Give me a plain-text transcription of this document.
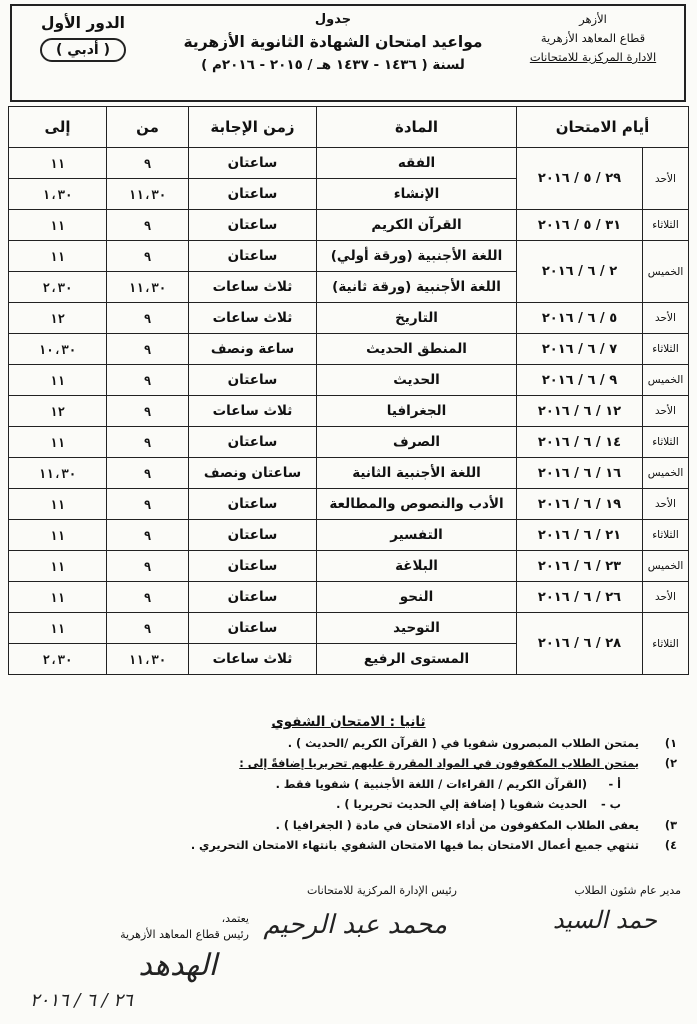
الأزهر
قطاع المعاهد الأزهرية
الادارة المركزية للامتحانات
جدول
مواعيد امتحان الشهادة الثانوية الأزهرية
لسنة ( ١٤٣٦ - ١٤٣٧ هـ / ٢٠١٥ - ٢٠١٦م )
الدور الأول
( أدبي )
أيام الامتحان		المادة	زمن الإجابة	من	إلى
الأحد	٢٩ / ٥ / ٢٠١٦	الفقه	ساعتان	٩	١١
		الإنشاء	ساعتان	١١،٣٠	١،٣٠
الثلاثاء	٣١ / ٥ / ٢٠١٦	القرآن الكريم	ساعتان	٩	١١
الخميس	٢ / ٦ / ٢٠١٦	اللغة الأجنبية (ورقة أولي)	ساعتان	٩	١١
		اللغة الأجنبية (ورقة ثانية)	ثلاث ساعات	١١،٣٠	٢،٣٠
الأحد	٥ / ٦ / ٢٠١٦	التاريخ	ثلاث ساعات	٩	١٢
الثلاثاء	٧ / ٦ / ٢٠١٦	المنطق الحديث	ساعة ونصف	٩	١٠،٣٠
الخميس	٩ / ٦ / ٢٠١٦	الحديث	ساعتان	٩	١١
الأحد	١٢ / ٦ / ٢٠١٦	الجغرافيا	ثلاث ساعات	٩	١٢
الثلاثاء	١٤ / ٦ / ٢٠١٦	الصرف	ساعتان	٩	١١
الخميس	١٦ / ٦ / ٢٠١٦	اللغة الأجنبية الثانية	ساعتان ونصف	٩	١١،٣٠
الأحد	١٩ / ٦ / ٢٠١٦	الأدب والنصوص والمطالعة	ساعتان	٩	١١
الثلاثاء	٢١ / ٦ / ٢٠١٦	التفسير	ساعتان	٩	١١
الخميس	٢٣ / ٦ / ٢٠١٦	البلاغة	ساعتان	٩	١١
الأحد	٢٦ / ٦ / ٢٠١٦	النحو	ساعتان	٩	١١
الثلاثاء	٢٨ / ٦ / ٢٠١٦	التوحيد	ساعتان	٩	١١
		المستوى الرفيع	ثلاث ساعات	١١،٣٠	٢،٣٠
ثانيا : الامتحان الشفوي
١)
يمتحن الطلاب المبصرون شفويا في ( القرآن الكريم /الحديث ) .
٢)
يمتحن الطلاب المكفوفون في المواد المقررة عليهم تحريريا إضافةً إلى :
أ -
(القرآن الكريم / القراءات / اللغة الأجنبية ) شفويا فقط .
ب -
الحديث شفويا ( إضافة إلي الحديث تحريريا ) .
٣)
يعفى الطلاب المكفوفون من أداء الامتحان في مادة ( الجغرافيا ) .
٤)
تنتهي جميع أعمال الامتحان بما فيها الامتحان الشفوي بانتهاء الامتحان التحريري .
مدير عام شئون الطلاب
ﺣﻤﺪ ﺍﻟﺴﻴﺪ
رئيس الإدارة المركزية للامتحانات
ﻣﺤﻤﺪ ﻋﺒﺪ ﺍﻟﺮﺣﻴﻢ
يعتمد،
رئيس قطاع المعاهد الأزهرية
ﺍﻟﻬﺪﻫﺪ
٢٦ / ٦ / ٢٠١٦
